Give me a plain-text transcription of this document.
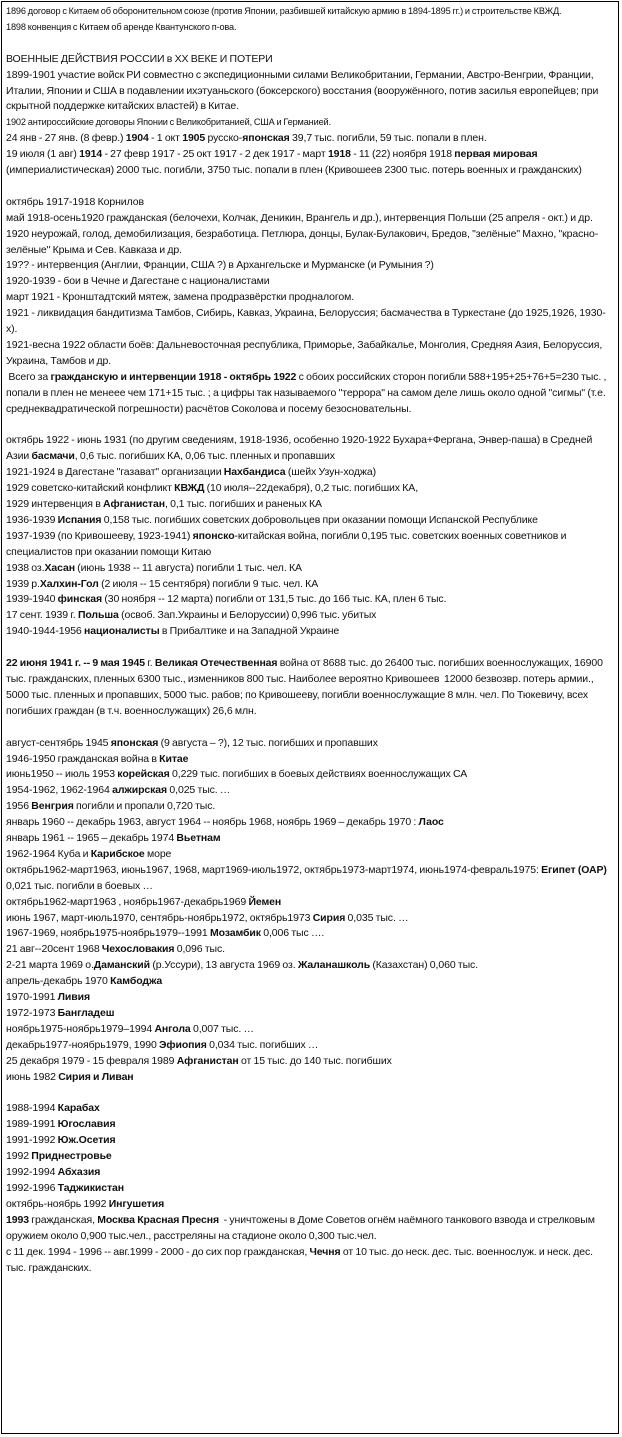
1896 договор с Китаем об оборонительном союзе (против Японии, разбившей китайскую армию в 1894-1895 гг.) и строительстве КВЖД.
1898 конвенция с Китаем об аренде Квантунского п-ова.
ВОЕННЫЕ ДЕЙСТВИЯ РОССИИ в XX ВЕКЕ И ПОТЕРИ
1899-1901 участие войск РИ совместно с экспедиционными силами Великобритании, Германии, Австро-Венгрии, Франции, Италии, Японии и США в подавлении ихэтуаньского (боксерского) восстания (вооружённого, потив засилья европейцев; при скрытной поддержке китайских властей) в Китае.
1902 антироссийские договоры Японии с Великобританией, США и Германией.
24 янв - 27 янв. (8 февр.) 1904 - 1 окт 1905 русско-японская 39,7 тыс. погибли, 59 тыс. попали в плен.
19 июля (1 авг) 1914 - 27 февр 1917 - 25 окт 1917 - 2 дек 1917 - март 1918 - 11 (22) ноября 1918 первая мировая (империалистическая) 2000 тыс. погибли, 3750 тыс. попали в плен (Кривошеев 2300 тыс. потерь военных и гражданских)
октябрь 1917-1918 Корнилов
май 1918-осень1920 гражданская (белочехи, Колчак, Деникин, Врангель и др.), интервенция Польши (25 апреля - окт.) и др.
1920 неурожай, голод, демобилизация, безработица. Петлюра, донцы, Булак-Булакович, Бредов, "зелёные" Махно, "красно-зелёные" Крыма и Сев. Кавказа и др.
19?? - интервенция (Англии, Франции, США ?) в Архангельске и Мурманске (и Румыния ?)
1920-1939 - бои в Чечне и Дагестане с националистами
март 1921 - Кронштадтский мятеж, замена продразвёрстки продналогом.
1921 - ликвидация бандитизма Тамбов, Сибирь, Кавказ, Украина, Белоруссия; басмачества в Туркестане (до 1925,1926, 1930-х).
1921-весна 1922 области боёв: Дальневосточная республика, Приморье, Забайкалье, Монголия, Средняя Азия, Белоруссия, Украина, Тамбов и др.
Всего за гражданскую и интервенции 1918 - октябрь 1922 с обоих российских сторон погибли 588+195+25+76+5=230 тыс. , попали в плен не менеее чем 171+15 тыс. ; а цифры так называемого "террора" на самом деле лишь около одной "сигмы" (т.е. среднеквадратической погрешности) расчётов Соколова и посему безосновательны.
октябрь 1922 - июнь 1931 (по другим сведениям, 1918-1936, особенно 1920-1922 Бухара+Фергана, Энвер-паша) в Средней Азии басмачи, 0,6 тыс. погибших КА, 0,06 тыс. пленных и пропавших
1921-1924 в Дагестане "газават" организации Нахбандиса (шейх Узун-ходжа)
1929 советско-китайский конфликт КВЖД (10 июля--22декабря), 0,2 тыс. погибших КА,
1929 интервенция в Афганистан, 0,1 тыс. погибших и раненых КА
1936-1939 Испания 0,158 тыс. погибших советских добровольцев при оказании помощи Испанской Республике
1937-1939 (по Кривошееву, 1923-1941) японско-китайская война, погибли 0,195 тыс. советских военных советников и специалистов при оказании помощи Китаю
1938 оз.Хасан (июнь 1938 -- 11 августа) погибли 1 тыс. чел. КА
1939 р.Халхин-Гол (2 июля -- 15 сентября) погибли 9 тыс. чел. КА
1939-1940 финская (30 ноября -- 12 марта) погибли от 131,5 тыс. до 166 тыс. КА, плен 6 тыс.
17 сент. 1939 г. Польша (освоб. Зап.Украины и Белоруссии) 0,996 тыс. убитых
1940-1944-1956 националисты в Прибалтике и на Западной Украине
22 июня 1941 г. -- 9 мая 1945 г. Великая Отечественная война от 8688 тыс. до 26400 тыс. погибших военнослужащих, 16900 тыс. гражданских, пленных 6300 тыс., изменников 800 тыс. Наиболее вероятно Кривошеев  12000 безвозвр. потерь армии., 5000 тыс. пленных и пропавших, 5000 тыс. рабов; по Кривошееву, погибли военнослужащие 8 млн. чел. По Тюкевичу, всех погибших граждан (в т.ч. военнослужащих) 26,6 млн.
август-сентябрь 1945 японская (9 августа – ?), 12 тыс. погибших и пропавших
1946-1950 гражданская война в Китае
июнь1950 -- июль 1953 корейская 0,229 тыс. погибших в боевых действиях военнослужащих СА
1954-1962, 1962-1964 алжирская 0,025 тыс. …
1956 Венгрия погибли и пропали 0,720 тыс.
январь 1960 -- декабрь 1963, август 1964 -- ноябрь 1968, ноябрь 1969 – декабрь 1970 : Лаос
январь 1961 -- 1965 – декабрь 1974 Вьетнам
1962-1964 Куба и Карибское море
октябрь1962-март1963, июнь1967, 1968, март1969-июль1972, октябрь1973-март1974, июнь1974-февраль1975: Египет (ОАР) 0,021 тыс. погибли в боевых …
октябрь1962-март1963 , ноябрь1967-декабрь1969 Йемен
июнь 1967, март-июль1970, сентябрь-ноябрь1972, октябрь1973 Сирия 0,035 тыс. …
1967-1969, ноябрь1975-ноябрь1979--1991 Мозамбик 0,006 тыс ….
21 авг--20сент 1968 Чехословакия 0,096 тыс.
2-21 марта 1969 о.Даманский (р.Уссури), 13 августа 1969 оз. Жаланашколь (Казахстан) 0,060 тыс.
апрель-декабрь 1970 Камбоджа
1970-1991 Ливия
1972-1973 Бангладеш
ноябрь1975-ноябрь1979–1994 Ангола 0,007 тыс. …
декабрь1977-ноябрь1979, 1990 Эфиопия 0,034 тыс. погибших …
25 декабря 1979 - 15 февраля 1989 Афганистан от 15 тыс. до 140 тыс. погибших
июнь 1982 Сирия и Ливан
1988-1994 Карабах
1989-1991 Югославия
1991-1992 Юж.Осетия
1992 Приднестровье
1992-1994 Абхазия
1992-1996 Таджикистан
октябрь-ноябрь 1992 Ингушетия
1993 гражданская, Москва Красная Пресня  - уничтожены в Доме Советов огнём наёмного танкового взвода и стрелковым оружием около 0,900 тыс.чел., расстреляны на стадионе около 0,300 тыс.чел.
с 11 дек. 1994 - 1996 -- авг.1999 - 2000 - до сих пор гражданская, Чечня от 10 тыс. до неск. дес. тыс. военнослуж. и неск. дес. тыс. гражданских.
